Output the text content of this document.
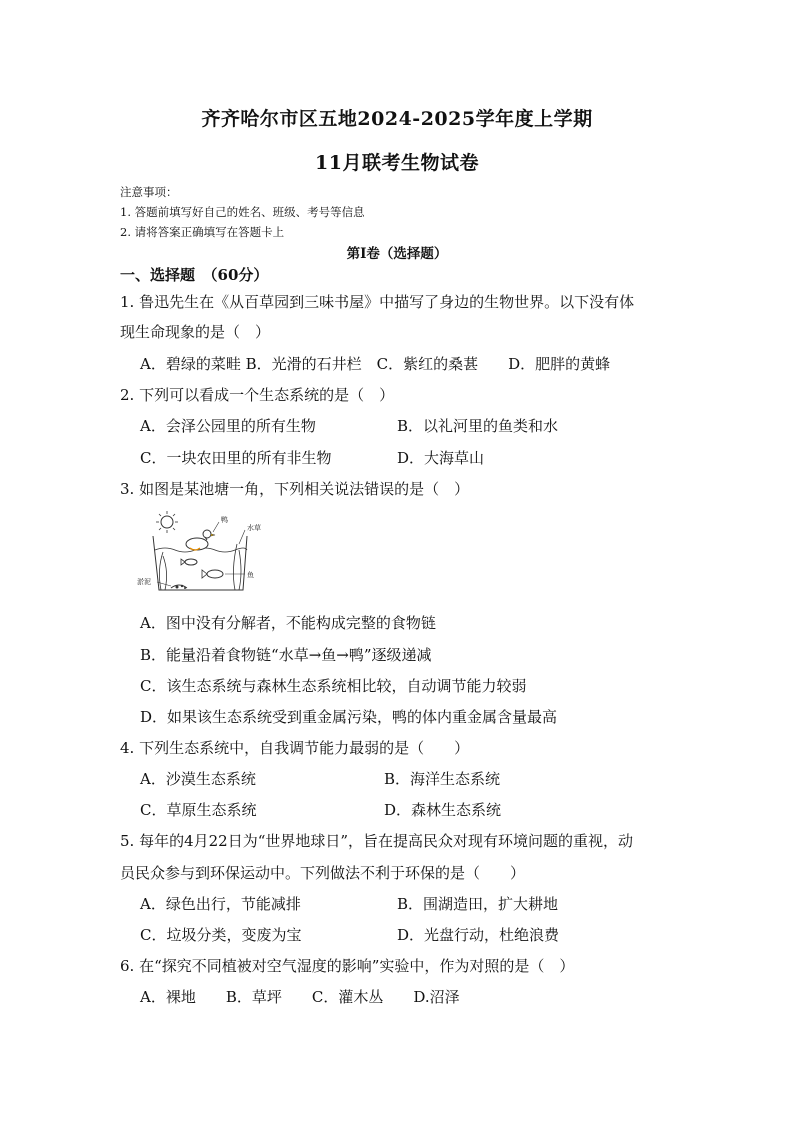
齐齐哈尔市区五地2024-2025学年度上学期
11月联考生物试卷
注意事项：
1. 答题前填写好自己的姓名、班级、考号等信息
2. 请将答案正确填写在答题卡上
第Ⅰ卷（选择题）
一、选择题　（60分）
1. 鲁迅先生在《从百草园到三味书屋》中描写了身边的生物世界。以下没有体
现生命现象的是（　）
A．碧绿的菜畦 B．光滑的石井栏　C．紫红的桑葚　　D．肥胖的黄蜂
2. 下列可以看成一个生态系统的是（　）
A．会泽公园里的所有生物	B．以礼河里的鱼类和水
C．一块农田里的所有非生物	D．大海草山
3. 如图是某池塘一角，下列相关说法错误的是（　）
鸭
水草
鱼
淤泥
A．图中没有分解者，不能构成完整的食物链
B．能量沿着食物链“水草→鱼→鸭”逐级递减
C．该生态系统与森林生态系统相比较，自动调节能力较弱
D．如果该生态系统受到重金属污染，鸭的体内重金属含量最高
4. 下列生态系统中，自我调节能力最弱的是（　　）
A．沙漠生态系统	B．海洋生态系统
C．草原生态系统	D．森林生态系统
5. 每年的4月22日为“世界地球日”，旨在提高民众对现有环境问题的重视，动
员民众参与到环保运动中。下列做法不利于环保的是（　　）
A．绿色出行，节能减排	B．围湖造田，扩大耕地
C．垃圾分类，变废为宝	D．光盘行动，杜绝浪费
6. 在“探究不同植被对空气湿度的影响”实验中，作为对照的是（　）
A．裸地　　B．草坪　　C．灌木丛　　D.沼泽
